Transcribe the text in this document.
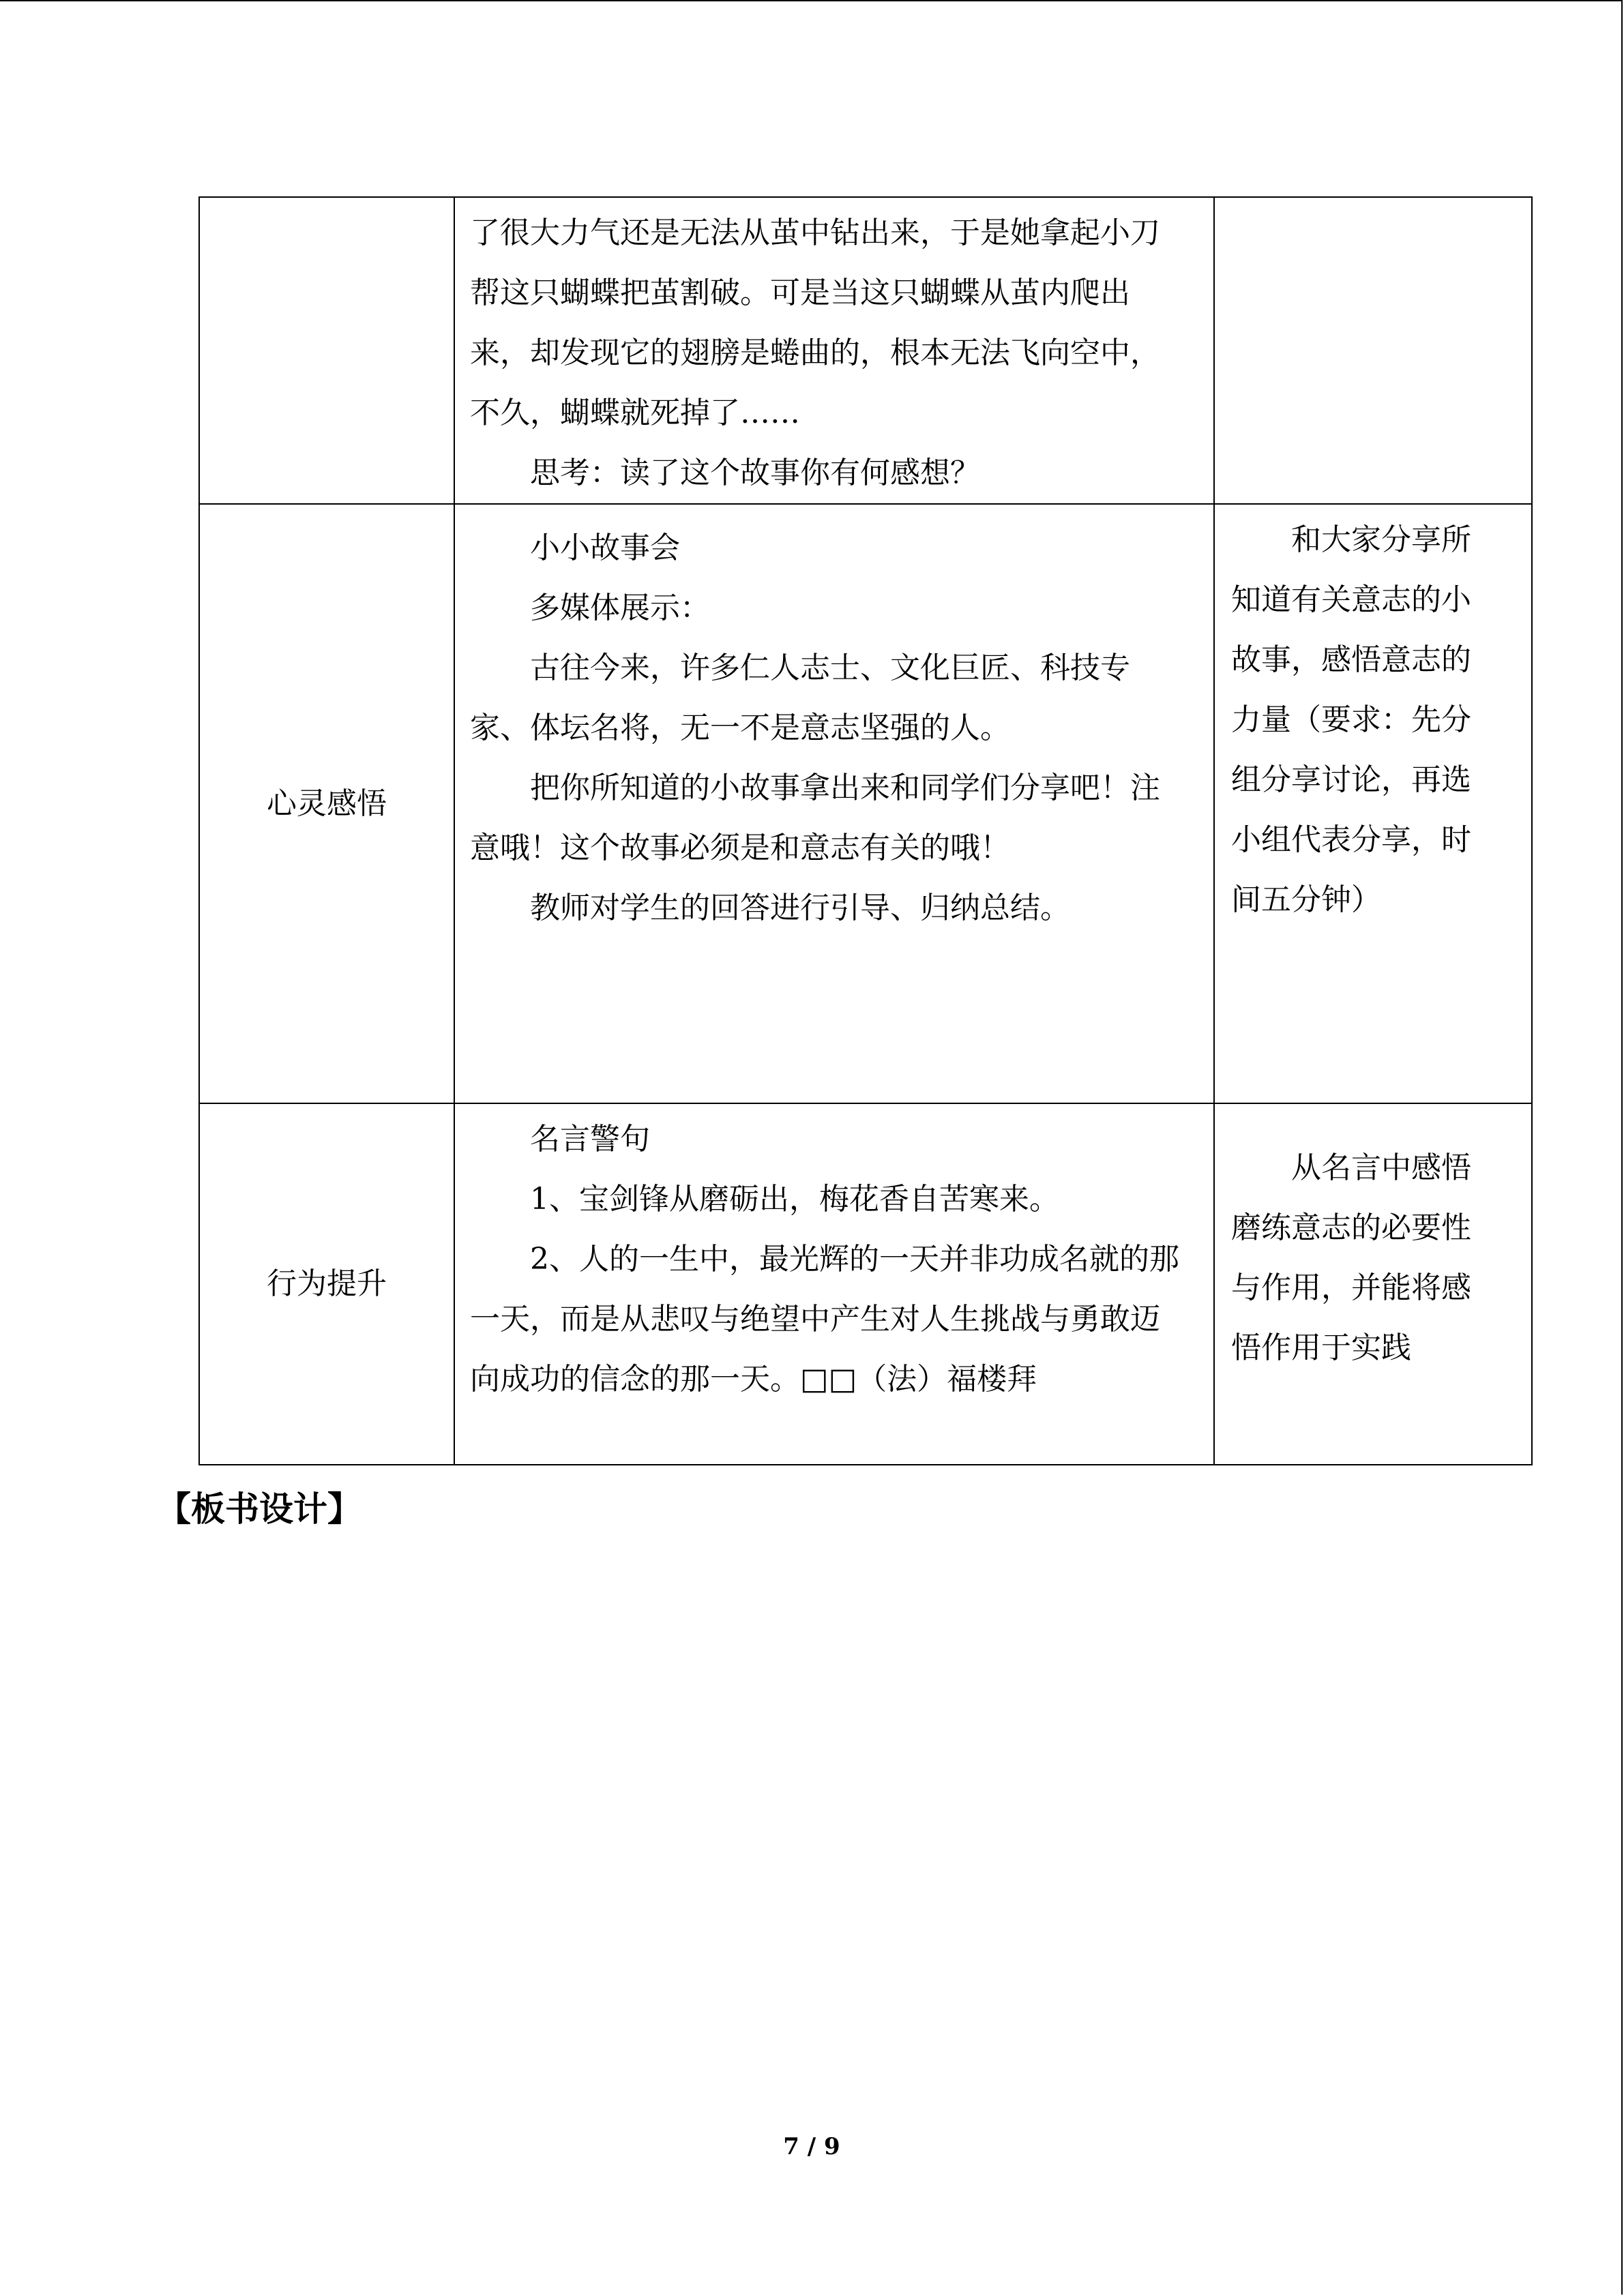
	了很大力气还是无法从茧中钻出来，于是她拿起小刀帮这只蝴蝶把茧割破。可是当这只蝴蝶从茧内爬出来，却发现它的翅膀是蜷曲的，根本无法飞向空中，不久，蝴蝶就死掉了……

思考：读了这个故事你有何感想？	

心灵感悟	小小故事会

多媒体展示：

古往今来，许多仁人志士、文化巨匠、科技专家、体坛名将，无一不是意志坚强的人。

把你所知道的小故事拿出来和同学们分享吧！注意哦！这个故事必须是和意志有关的哦！

教师对学生的回答进行引导、归纳总结。	和大家分享所知道有关意志的小故事，感悟意志的力量（要求：先分组分享讨论，再选小组代表分享，时间五分钟）

行为提升	名言警句

1、宝剑锋从磨砺出，梅花香自苦寒来。

2、人的一生中，最光辉的一天并非功成名就的那一天，而是从悲叹与绝望中产生对人生挑战与勇敢迈向成功的信念的那一天。□□（法）福楼拜	从名言中感悟磨练意志的必要性与作用，并能将感悟作用于实践

【板书设计】

7 / 9
